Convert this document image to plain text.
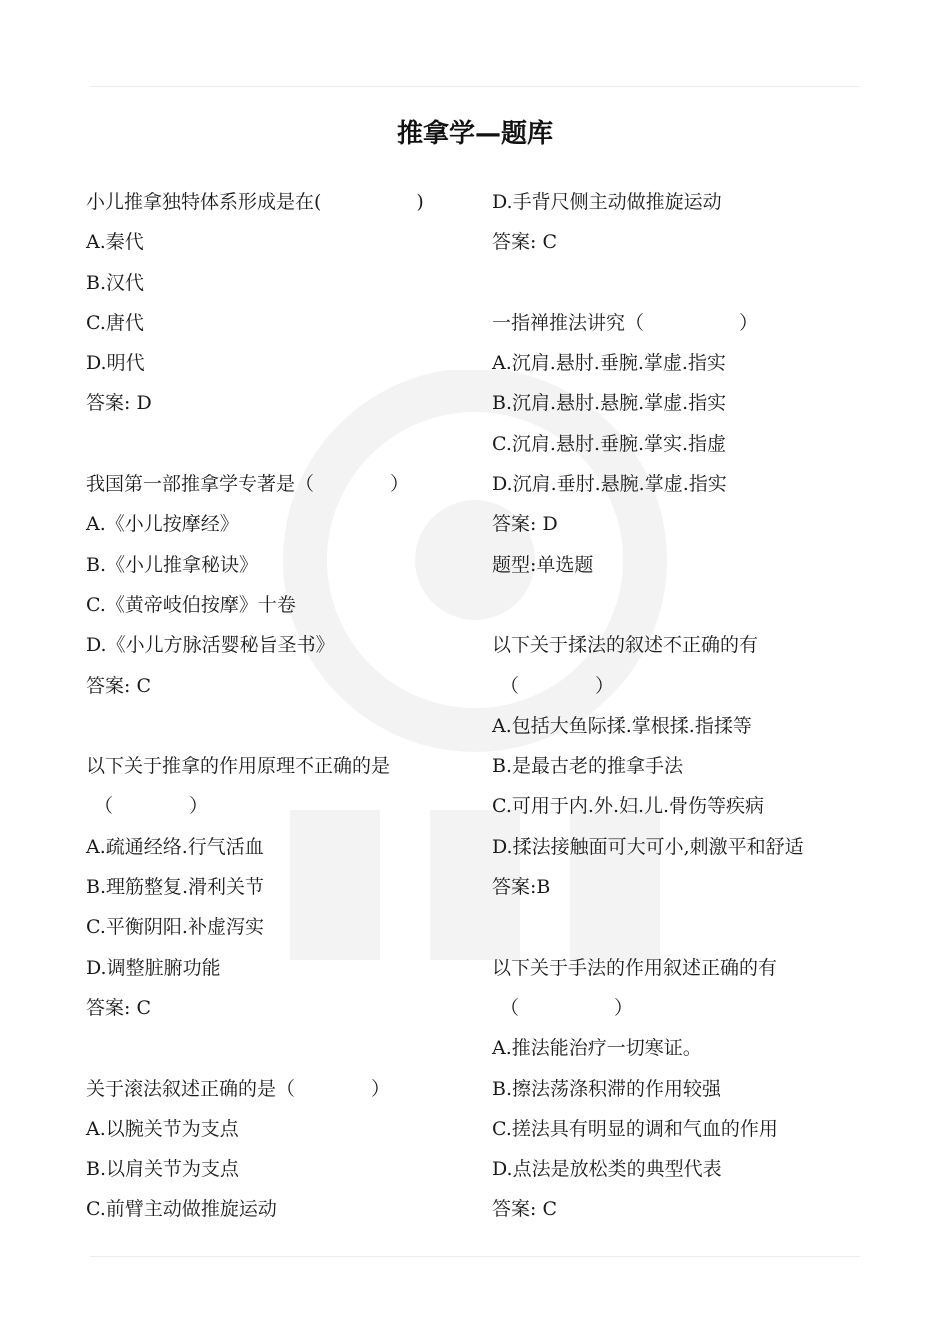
推拿学—题库
小儿推拿独特体系形成是在(　　　　　)
A.秦代
B.汉代
C.唐代
D.明代
答案: D
我国第一部推拿学专著是（　　　　）
A.《小儿按摩经》
B.《小儿推拿秘诀》
C.《黄帝岐伯按摩》十卷
D.《小儿方脉活婴秘旨圣书》
答案: C
以下关于推拿的作用原理不正确的是
（　　　　）
A.疏通经络.行气活血
B.理筋整复.滑利关节
C.平衡阴阳.补虚泻实
D.调整脏腑功能
答案: C
关于滚法叙述正确的是（　　　　）
A.以腕关节为支点
B.以肩关节为支点
C.前臂主动做推旋运动
D.手背尺侧主动做推旋运动
答案: C
一指禅推法讲究（　　　　　）
A.沉肩.悬肘.垂腕.掌虚.指实
B.沉肩.悬肘.悬腕.掌虚.指实
C.沉肩.悬肘.垂腕.掌实.指虚
D.沉肩.垂肘.悬腕.掌虚.指实
答案: D
题型:单选题
以下关于揉法的叙述不正确的有
（　　　　）
A.包括大鱼际揉.掌根揉.指揉等
B.是最古老的推拿手法
C.可用于内.外.妇.儿.骨伤等疾病
D.揉法接触面可大可小,刺激平和舒适
答案:B
以下关于手法的作用叙述正确的有
（　　　　　）
A.推法能治疗一切寒证。
B.擦法荡涤积滞的作用较强
C.搓法具有明显的调和气血的作用
D.点法是放松类的典型代表
答案: C
